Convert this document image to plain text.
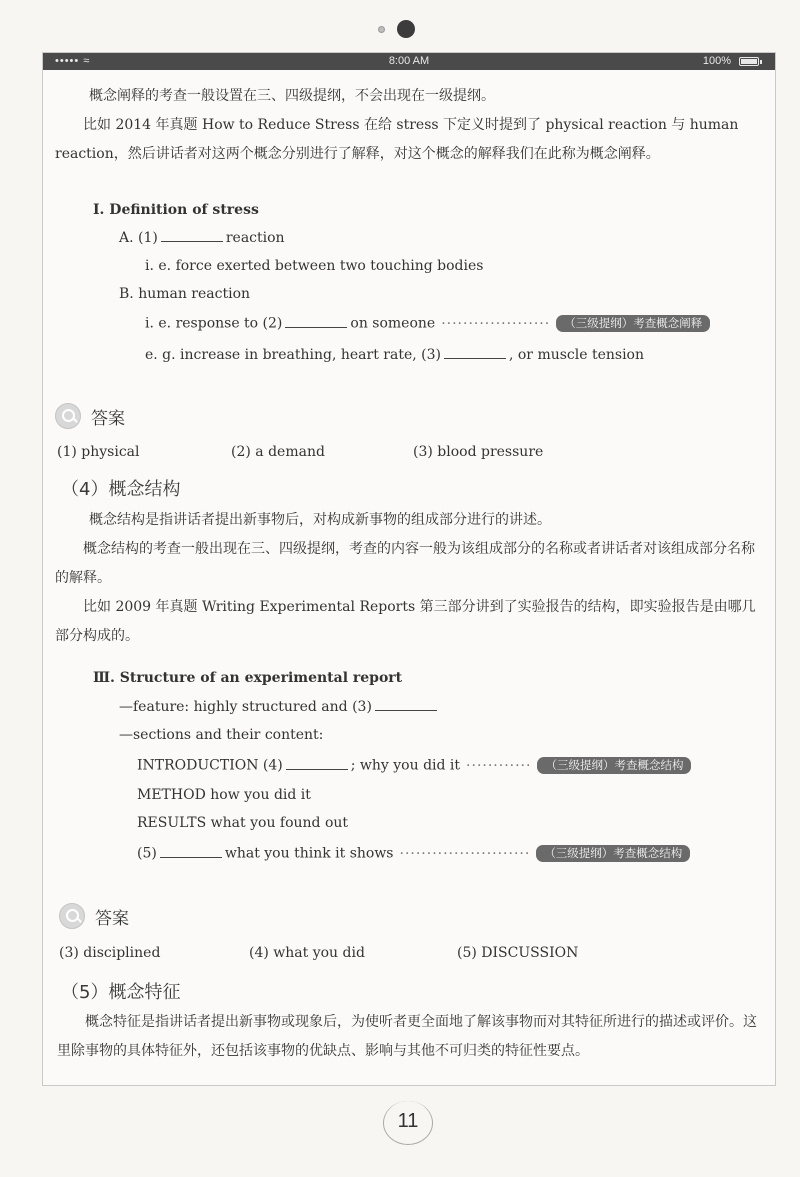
••••• ≈	8:00 AM	100%
概念阐释的考查一般设置在三、四级提纲，不会出现在一级提纲。
比如 2014 年真题 How to Reduce Stress 在给 stress 下定义时提到了 physical reaction 与 human reaction，然后讲话者对这两个概念分别进行了解释，对这个概念的解释我们在此称为概念阐释。
Ⅰ. Definition of stress
A. (1)	reaction
i. e. force exerted between two touching bodies
B. human reaction
i. e. response to (2)	on someone ···················· （三级提纲）考查概念阐释
e. g. increase in breathing, heart rate, (3)	, or muscle tension
答案
(1) physical	(2) a demand	(3) blood pressure
（4）概念结构
概念结构是指讲话者提出新事物后，对构成新事物的组成部分进行的讲述。
概念结构的考查一般出现在三、四级提纲，考查的内容一般为该组成部分的名称或者讲话者对该组成部分名称的解释。
比如 2009 年真题 Writing Experimental Reports 第三部分讲到了实验报告的结构，即实验报告是由哪几部分构成的。
Ⅲ. Structure of an experimental report
—feature: highly structured and (3)
—sections and their content:
INTRODUCTION (4)	; why you did it ············ （三级提纲）考查概念结构
METHOD how you did it
RESULTS what you found out
(5)	what you think it shows ························ （三级提纲）考查概念结构
答案
(3) disciplined	(4) what you did	(5) DISCUSSION
（5）概念特征
概念特征是指讲话者提出新事物或现象后，为使听者更全面地了解该事物而对其特征所进行的描述或评价。这里除事物的具体特征外，还包括该事物的优缺点、影响与其他不可归类的特征性要点。
11
